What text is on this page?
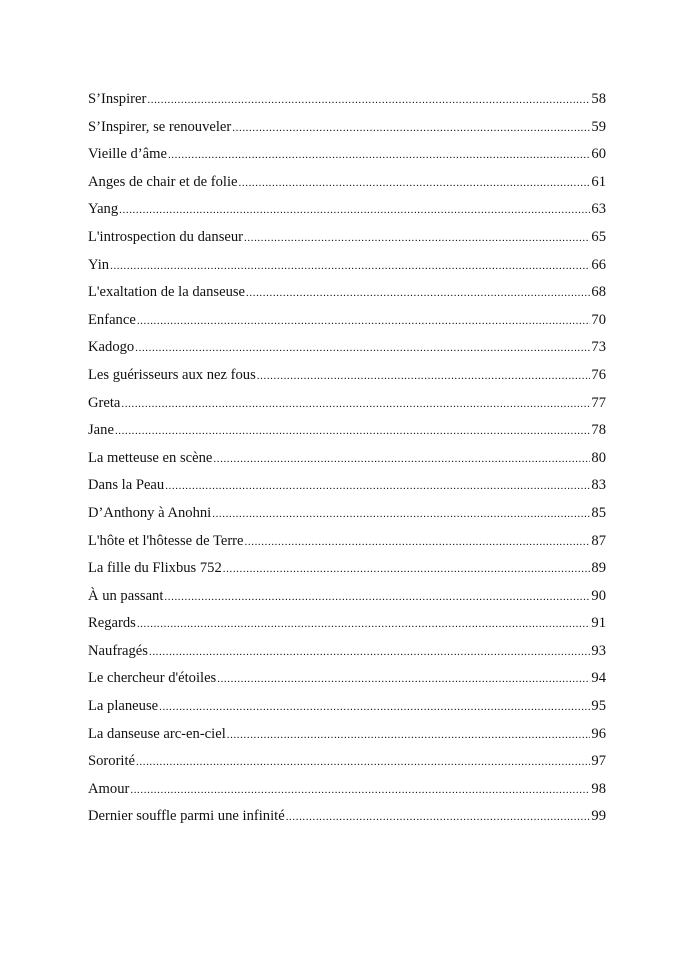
S’Inspirer .....	58
S’Inspirer, se renouveler .....	59
Vieille d’âme .....	60
Anges de chair et de folie .....	61
Yang .....	63
L'introspection du danseur .....	65
Yin .....	66
L'exaltation de la danseuse .....	68
Enfance .....	70
Kadogo .....	73
Les guérisseurs aux nez fous .....	76
Greta .....	77
Jane .....	78
La metteuse en scène .....	80
Dans la Peau .....	83
D’Anthony à Anohni .....	85
L'hôte et l'hôtesse de Terre .....	87
La fille du Flixbus 752 .....	89
À un passant .....	90
Regards .....	91
Naufragés .....	93
Le chercheur d'étoiles .....	94
La planeuse .....	95
La danseuse arc-en-ciel .....	96
Sororité .....	97
Amour .....	98
Dernier souffle parmi une infinité .....	99
